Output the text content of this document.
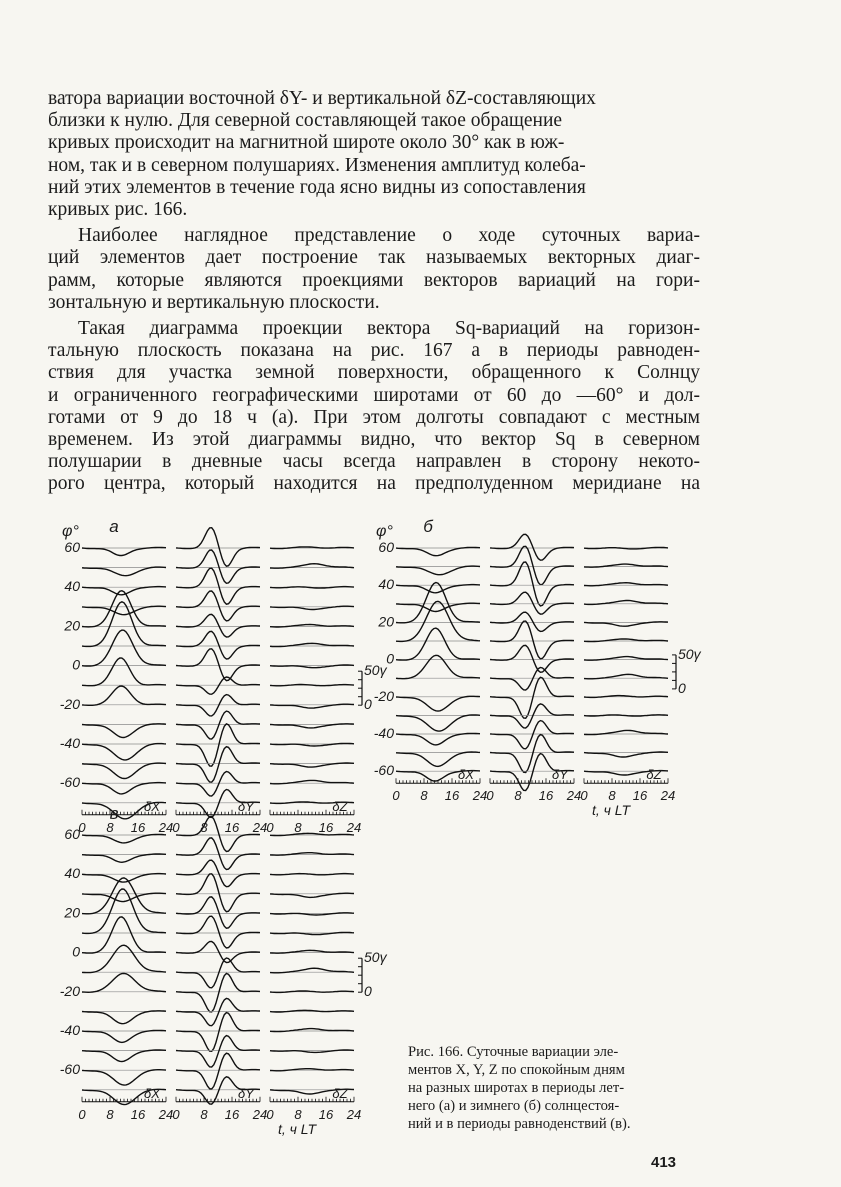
ватора вариации восточной δY- и вертикальной δZ-составляющих
близки к нулю. Для северной составляющей такое обращение
кривых происходит на магнитной широте около 30° как в юж-
ном, так и в северном полушариях. Изменения амплитуд колеба-
ний этих элементов в течение года ясно видны из сопоставления
кривых рис. 166.
Наиболее наглядное представление о ходе суточных вариа-
ций элементов дает построение так называемых векторных диаг-
рамм, которые являются проекциями векторов вариаций на гори-
зонтальную и вертикальную плоскости.
Такая диаграмма проекции вектора Sq-вариаций на горизон-
тальную плоскость показана на рис. 167 а в периоды равноден-
ствия для участка земной поверхности, обращенного к Солнцу
и ограниченного географическими широтами от 60 до —60° и дол-
готами от 9 до 18 ч (а). При этом долготы совпадают с местным
временем. Из этой диаграммы видно, что вектор Sq в северном
полушарии в дневные часы всегда направлен в сторону некото-
рого центра, который находится на предполуденном меридиане на
δX
0 8 16 24
δY
0 8 16 24
δZ
0 8 16 24
60
40
20
0
-20
-40
-60
φ° а
50γ
0
δX
0 8 16 24
δY
0 8 16 24
δZ
0 8 16 24
60
40
20
0
-20
-40
-60
φ° б
50γ
0
t, ч LT
δX
0 8 16 24
δY
0 8 16 24
δZ
0 8 16 24
60
40
20
0
-20
-40
-60
в
50γ
0
t, ч LT
Рис. 166. Суточные вариации эле-
ментов X, Y, Z по спокойным дням
на разных широтах в периоды лет-
него (а) и зимнего (б) солнцестоя-
ний и в периоды равноденствий (в).
413
